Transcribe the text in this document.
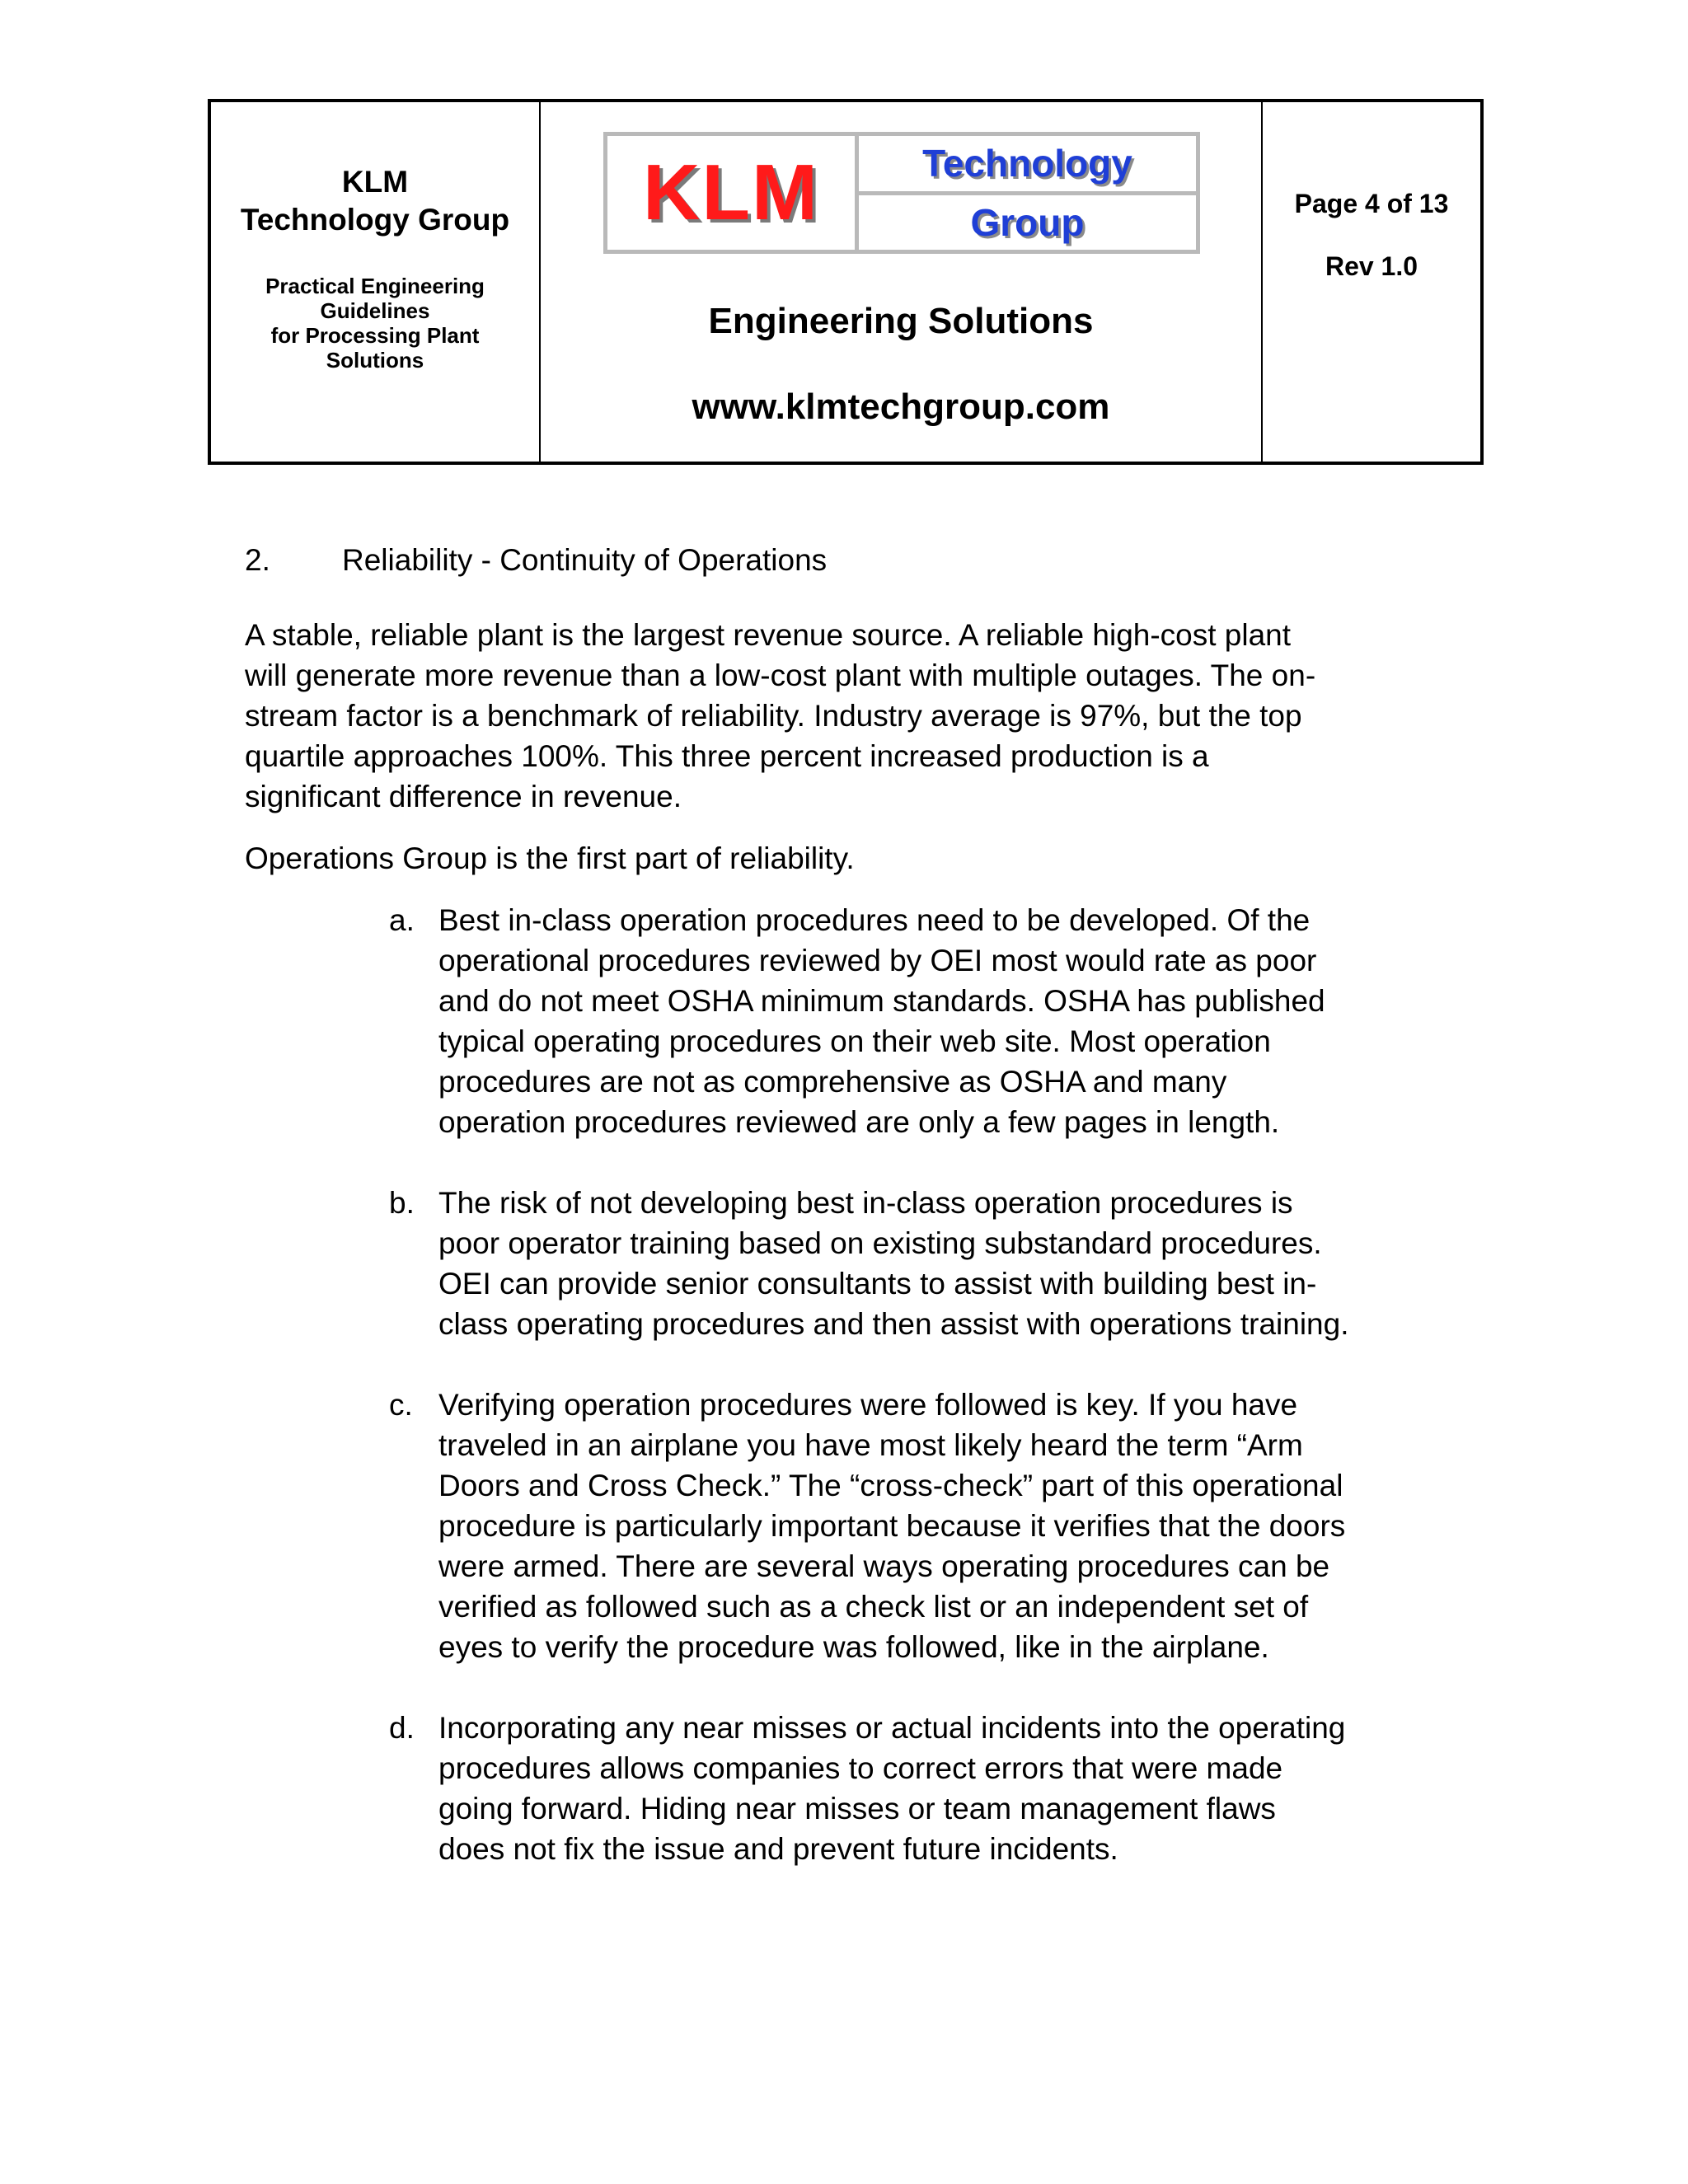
KLM
Technology Group
Practical Engineering
Guidelines
for Processing Plant
Solutions
KLM	Technology
Group
Engineering Solutions
www.klmtechgroup.com
Page 4 of 13
Rev 1.0
2.	Reliability - Continuity of Operations
A stable, reliable plant is the largest revenue source. A reliable high-cost plant
will generate more revenue than a low-cost plant with multiple outages. The on-
stream factor is a benchmark of reliability. Industry average is 97%, but the top
quartile approaches 100%. This three percent increased production is a
significant difference in revenue.
Operations Group is the first part of reliability.
a. Best in-class operation procedures need to be developed. Of the
operational procedures reviewed by OEI most would rate as poor
and do not meet OSHA minimum standards. OSHA has published
typical operating procedures on their web site. Most operation
procedures are not as comprehensive as OSHA and many
operation procedures reviewed are only a few pages in length.
b. The risk of not developing best in-class operation procedures is
poor operator training based on existing substandard procedures.
OEI can provide senior consultants to assist with building best in-
class operating procedures and then assist with operations training.
c. Verifying operation procedures were followed is key. If you have
traveled in an airplane you have most likely heard the term “Arm
Doors and Cross Check.” The “cross-check” part of this operational
procedure is particularly important because it verifies that the doors
were armed. There are several ways operating procedures can be
verified as followed such as a check list or an independent set of
eyes to verify the procedure was followed, like in the airplane.
d. Incorporating any near misses or actual incidents into the operating
procedures allows companies to correct errors that were made
going forward. Hiding near misses or team management flaws
does not fix the issue and prevent future incidents.
